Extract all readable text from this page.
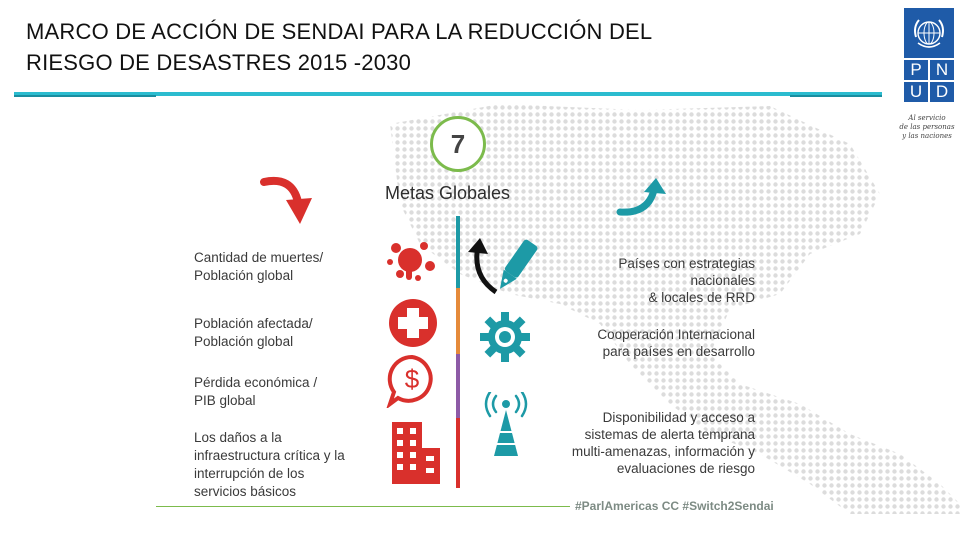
MARCO DE ACCIÓN DE SENDAI PARA LA REDUCCIÓN DEL
RIESGO DE DESASTRES 2015 -2030	P N
U D
Al servicio
de las personas
y las naciones
7
Metas Globales
Cantidad de muertes/
Población global
Población afectada/
Población global
Pérdida económica /
PIB global
Los daños a la
infraestructura crítica y la
interrupción de los
servicios básicos
$
Países con estrategias
nacionales
& locales de RRD
Cooperación Internacional
para países en desarrollo
Disponibilidad y acceso a
sistemas de alerta temprana
multi-amenazas, información y
evaluaciones de riesgo
#ParlAmericas CC #Switch2Sendai
